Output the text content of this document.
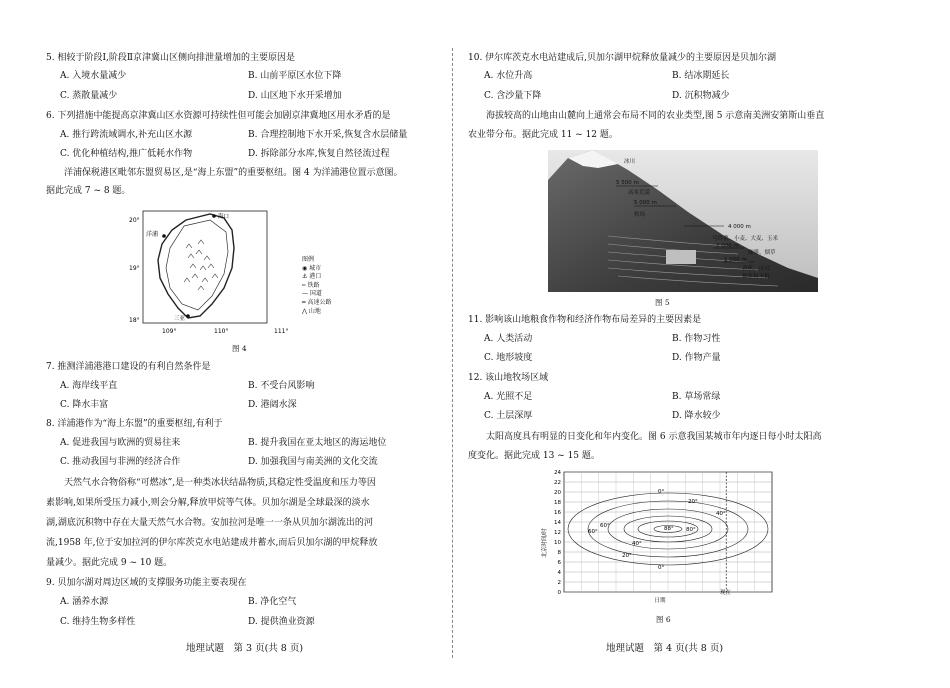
5. 相较于阶段Ⅰ,阶段Ⅱ京津冀山区侧向排泄量增加的主要原因是
A. 入境水量减少	B. 山前平原区水位下降
C. 蒸散量减少	D. 山区地下水开采增加
6. 下列措施中能提高京津冀山区水资源可持续性但可能会加剧京津冀地区用水矛盾的是
A. 推行跨流域调水,补充山区水源	B. 合理控制地下水开采,恢复含水层储量
C. 优化种植结构,推广低耗水作物	D. 拆除部分水库,恢复自然径流过程
洋浦保税港区毗邻东盟贸易区,是“海上东盟”的重要枢纽。图 4 为洋浦港位置示意图。
据此完成 7 ~ 8 题。
20°
19°
18°
109°	110°	111°
海口
洋浦
三亚
图例
◉ 城市
⚓ 港口
┅ 铁路
— 国道
═ 高速公路
⋀ 山地
图 4
7. 推测洋浦港港口建设的有利自然条件是
A. 海岸线平直	B. 不受台风影响
C. 降水丰富	D. 港阔水深
8. 洋浦港作为“海上东盟”的重要枢纽,有利于
A. 促进我国与欧洲的贸易往来	B. 提升我国在亚太地区的海运地位
C. 推动我国与非洲的经济合作	D. 加强我国与南美洲的文化交流
天然气水合物俗称“可燃冰”,是一种类冰状结晶物质,其稳定性受温度和压力等因
素影响,如果所受压力减小,则会分解,释放甲烷等气体。贝加尔湖是全球最深的淡水
湖,湖底沉积物中存在大量天然气水合物。安加拉河是唯一一条从贝加尔湖流出的河
流,1958 年,位于安加拉河的伊尔库茨克水电站建成并蓄水,而后贝加尔湖的甲烷释放
量减少。据此完成 9 ~ 10 题。
9. 贝加尔湖对周边区域的支撑服务功能主要表现在
A. 涵养水源	B. 净化空气
C. 维持生物多样性	D. 提供渔业资源
地理试题　第 3 页(共 8 页)
10. 伊尔库茨克水电站建成后,贝加尔湖甲烷释放量减少的主要原因是贝加尔湖
A. 水位升高	B. 结冰期延长
C. 含沙量下降	D. 沉积物减少
海拔较高的山地由山麓向上通常会布局不同的农业类型,图 5 示意南美洲安第斯山垂直
农业带分布。据此完成 11 ~ 12 题。
冰川
5 500 m
高寒荒漠
5 000 m
牧场
4 000 m
马铃薯、小麦、大麦、玉米
2 000 m
咖啡、烟草
1 000 m
香蕉、可可、
棉花和水稻
图 5
11. 影响该山地粮食作物和经济作物布局差异的主要因素是
A. 人类活动	B. 作物习性
C. 地形坡度	D. 作物产量
12. 该山地牧场区域
A. 光照不足	B. 草场常绿
C. 土层深厚	D. 降水较少
太阳高度具有明显的日变化和年内变化。图 6 示意我国某城市年内逐日每小时太阳高
度变化。据此完成 13 ~ 15 题。
0
2
4
6
8
10
12
14
16
18
20
22
24
0°
20°
40°
60°
80°
88°
60°
40°
20°
0°
北京时间/时
日期
现在
图 6
地理试题　第 4 页(共 8 页)
